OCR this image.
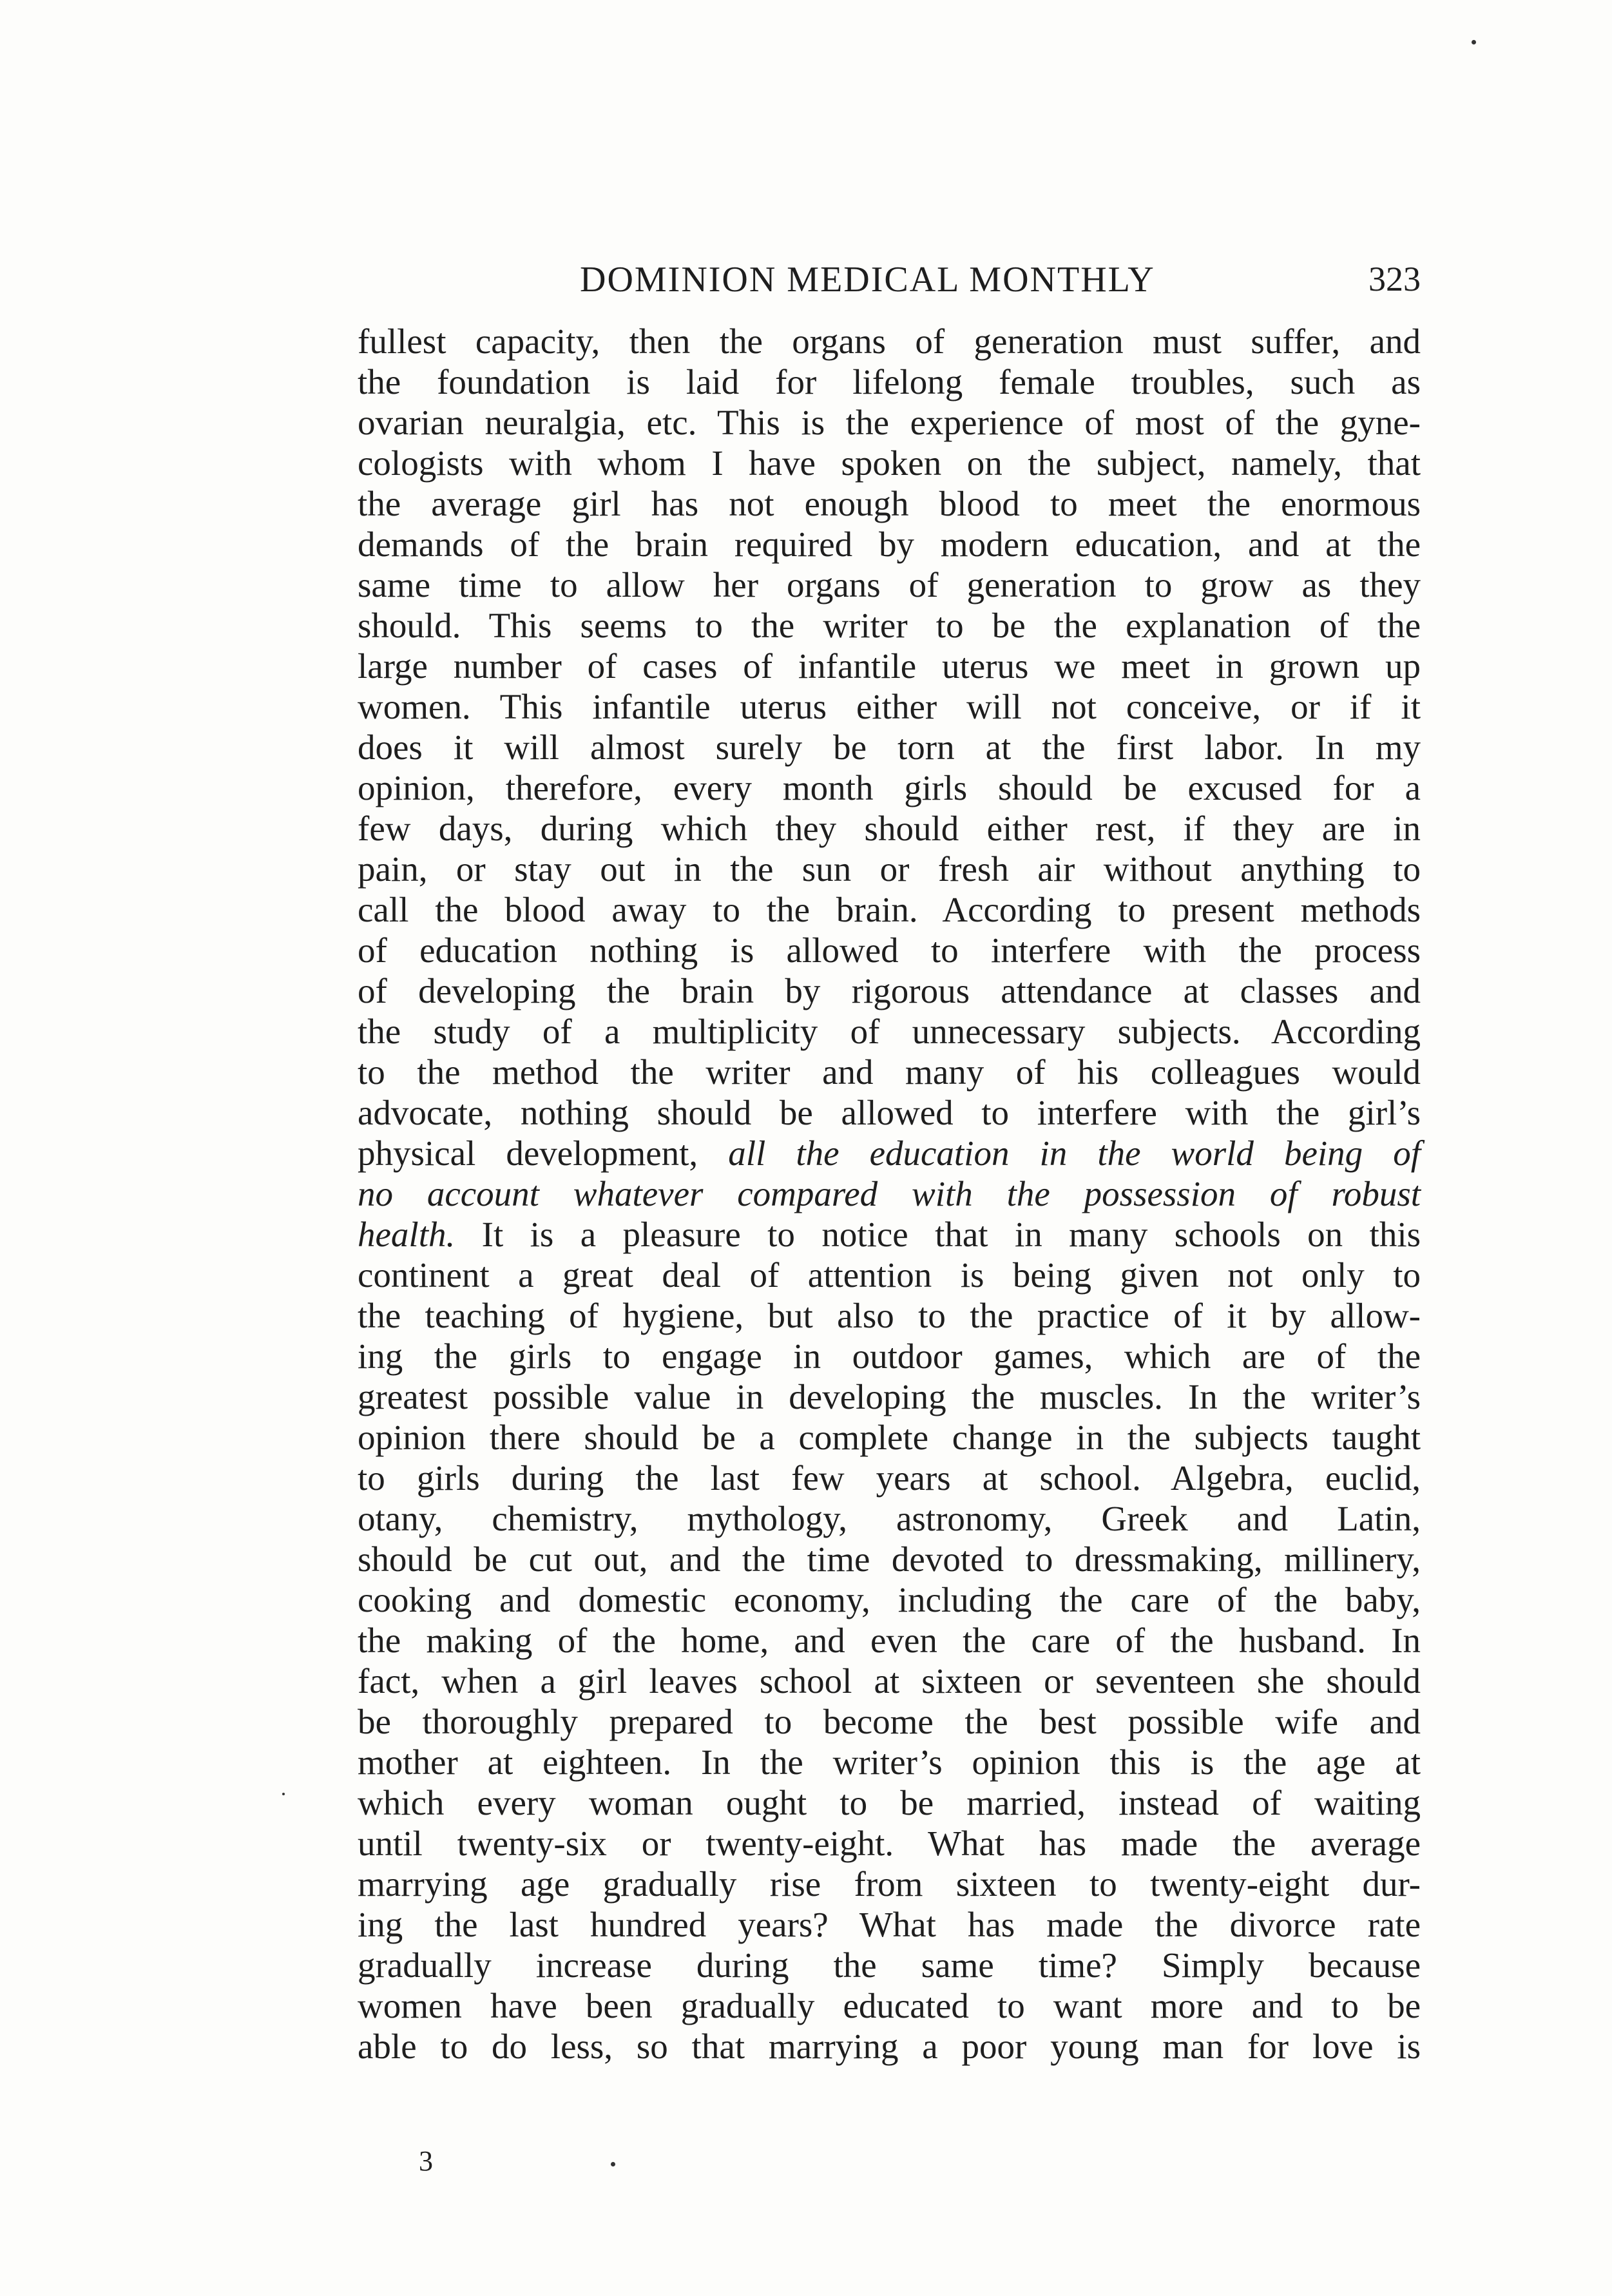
DOMINION MEDICAL MONTHLY	323
fullest capacity, then the organs of generation must suffer, and
the foundation is laid for lifelong female troubles, such as
ovarian neuralgia, etc. This is the experience of most of the gyne-
cologists with whom I have spoken on the subject, namely, that
the average girl has not enough blood to meet the enormous
demands of the brain required by modern education, and at the
same time to allow her organs of generation to grow as they
should. This seems to the writer to be the explanation of the
large number of cases of infantile uterus we meet in grown up
women. This infantile uterus either will not conceive, or if it
does it will almost surely be torn at the first labor. In my
opinion, therefore, every month girls should be excused for a
few days, during which they should either rest, if they are in
pain, or stay out in the sun or fresh air without anything to
call the blood away to the brain. According to present methods
of education nothing is allowed to interfere with the process
of developing the brain by rigorous attendance at classes and
the study of a multiplicity of unnecessary subjects. According
to the method the writer and many of his colleagues would
advocate, nothing should be allowed to interfere with the girl’s
physical development, all the education in the world being of
no account whatever compared with the possession of robust
health. It is a pleasure to notice that in many schools on this
continent a great deal of attention is being given not only to
the teaching of hygiene, but also to the practice of it by allow-
ing the girls to engage in outdoor games, which are of the
greatest possible value in developing the muscles. In the writer’s
opinion there should be a complete change in the subjects taught
to girls during the last few years at school. Algebra, euclid,
otany, chemistry, mythology, astronomy, Greek and Latin,
should be cut out, and the time devoted to dressmaking, millinery,
cooking and domestic economy, including the care of the baby,
the making of the home, and even the care of the husband. In
fact, when a girl leaves school at sixteen or seventeen she should
be thoroughly prepared to become the best possible wife and
mother at eighteen. In the writer’s opinion this is the age at
which every woman ought to be married, instead of waiting
until twenty-six or twenty-eight. What has made the average
marrying age gradually rise from sixteen to twenty-eight dur-
ing the last hundred years? What has made the divorce rate
gradually increase during the same time? Simply because
women have been gradually educated to want more and to be
able to do less, so that marrying a poor young man for love is
3
